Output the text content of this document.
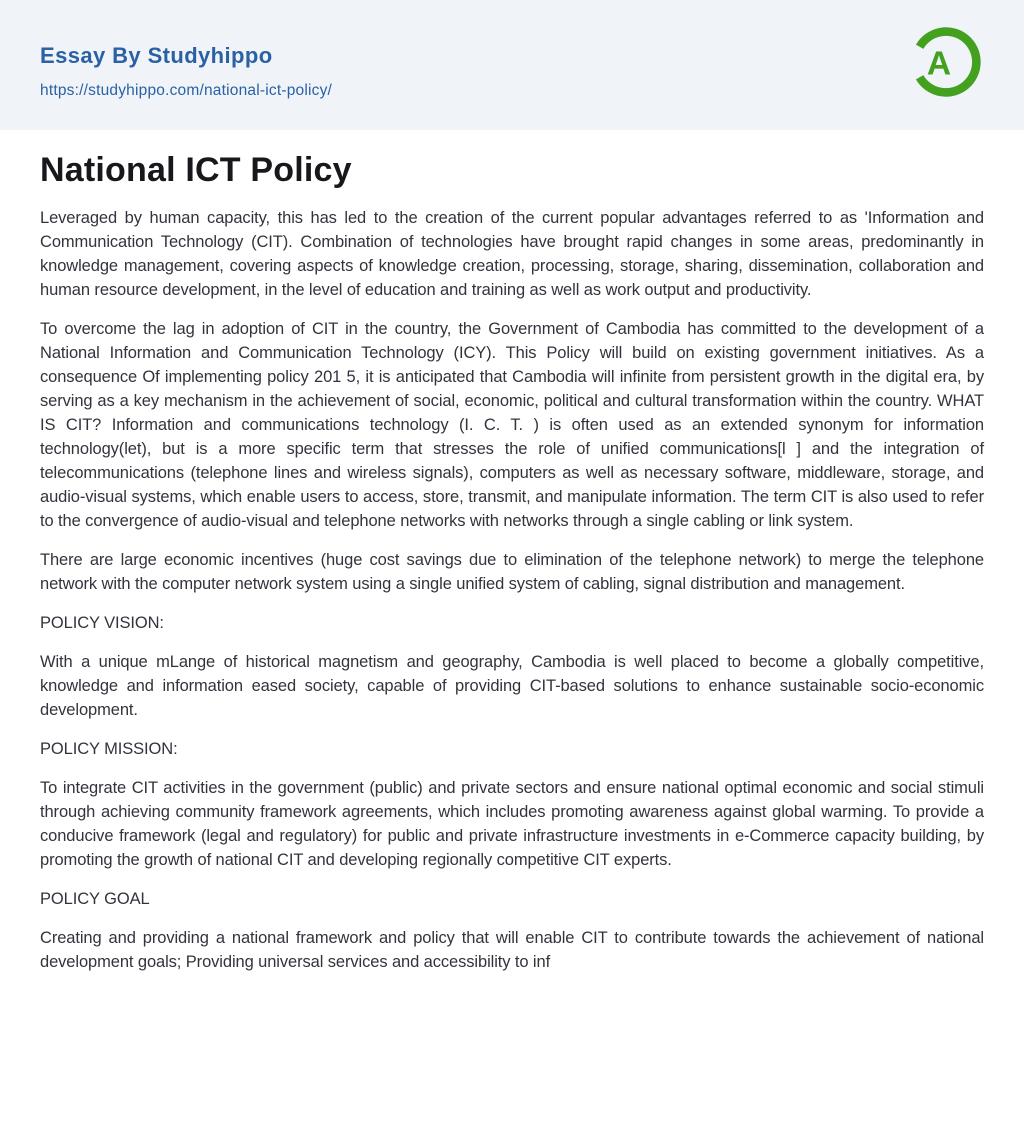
Essay By Studyhippo
https://studyhippo.com/national-ict-policy/
A
National ICT Policy

Leveraged by human capacity, this has led to the creation of the current popular advantages referred to as 'Information and Communication Technology (CIT). Combination of technologies have brought rapid changes in some areas, predominantly in knowledge management, covering aspects of knowledge creation, processing, storage, sharing, dissemination, collaboration and human resource development, in the level of education and training as well as work output and productivity.

To overcome the lag in adoption of CIT in the country, the Government of Cambodia has committed to the development of a National Information and Communication Technology (ICY). This Policy will build on existing government initiatives. As a consequence Of implementing policy 201 5, it is anticipated that Cambodia will infinite from persistent growth in the digital era, by serving as a key mechanism in the achievement of social, economic, political and cultural transformation within the country. WHAT IS CIT? Information and communications technology (I. C. T. ) is often used as an extended synonym for information technology(let), but is a more specific term that stresses the role of unified communications[l ] and the integration of telecommunications (telephone lines and wireless signals), computers as well as necessary software, middleware, storage, and audio-visual systems, which enable users to access, store, transmit, and manipulate information. The term CIT is also used to refer to the convergence of audio-visual and telephone networks with networks through a single cabling or link system.

There are large economic incentives (huge cost savings due to elimination of the telephone network) to merge the telephone network with the computer network system using a single unified system of cabling, signal distribution and management.

POLICY VISION:

With a unique mLange of historical magnetism and geography, Cambodia is well placed to become a globally competitive, knowledge and information eased society, capable of providing CIT-based solutions to enhance sustainable socio-economic development.

POLICY MISSION:

To integrate CIT activities in the government (public) and private sectors and ensure national optimal economic and social stimuli through achieving community framework agreements, which includes promoting awareness against global warming. To provide a conducive framework (legal and regulatory) for public and private infrastructure investments in e-Commerce capacity building, by promoting the growth of national CIT and developing regionally competitive CIT experts.

POLICY GOAL

Creating and providing a national framework and policy that will enable CIT to contribute towards the achievement of national development goals; Providing universal services and accessibility to inf
